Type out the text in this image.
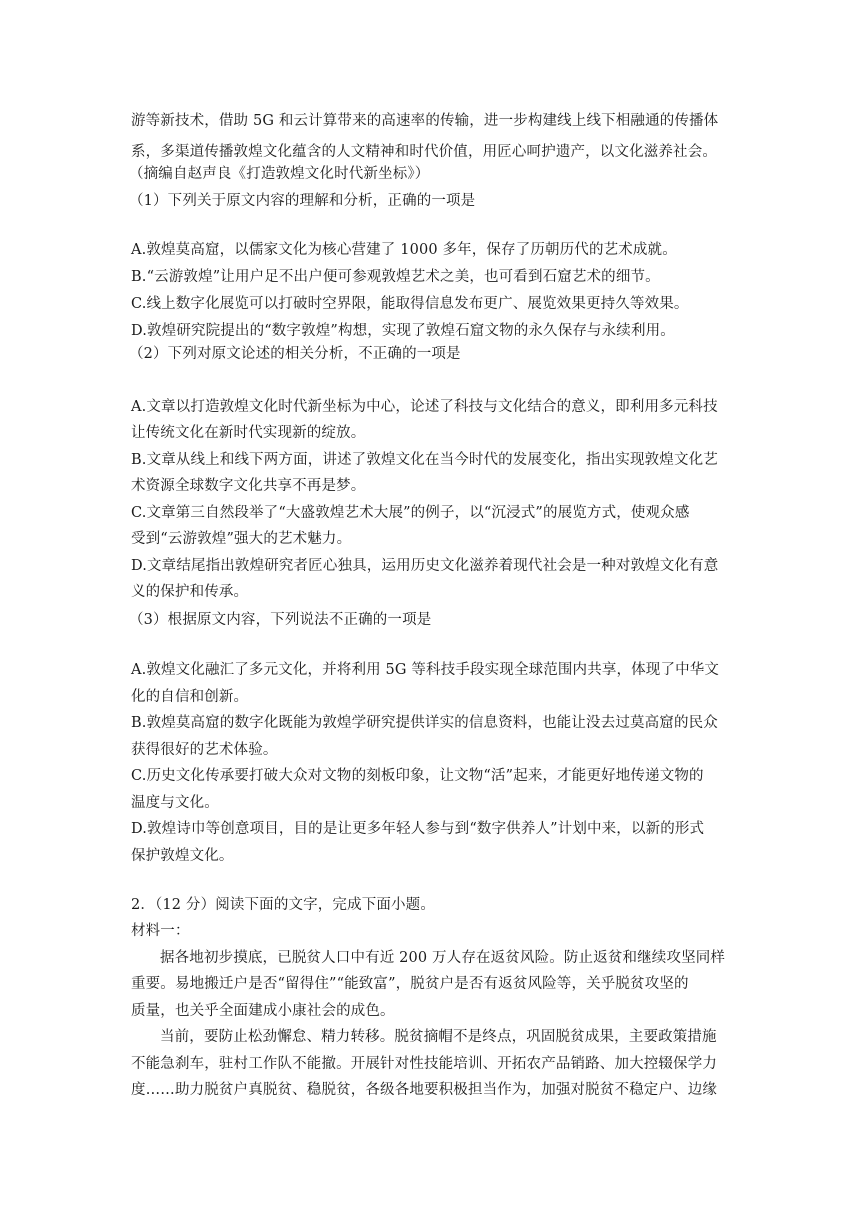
游等新技术，借助 5G 和云计算带来的高速率的传输，进一步构建线上线下相融通的传播体
系，多渠道传播敦煌文化蕴含的人文精神和时代价值，用匠心呵护遗产，以文化滋养社会。
（摘编自赵声良《打造敦煌文化时代新坐标》）
（1）下列关于原文内容的理解和分析，正确的一项是
A.敦煌莫高窟，以儒家文化为核心营建了 1000 多年，保存了历朝历代的艺术成就。
B.“云游敦煌”让用户足不出户便可参观敦煌艺术之美，也可看到石窟艺术的细节。
C.线上数字化展览可以打破时空界限，能取得信息发布更广、展览效果更持久等效果。
D.敦煌研究院提出的“数字敦煌”构想，实现了敦煌石窟文物的永久保存与永续利用。
（2）下列对原文论述的相关分析，不正确的一项是
A.文章以打造敦煌文化时代新坐标为中心，论述了科技与文化结合的意义，即利用多元科技
让传统文化在新时代实现新的绽放。
B.文章从线上和线下两方面，讲述了敦煌文化在当今时代的发展变化，指出实现敦煌文化艺
术资源全球数字文化共享不再是梦。
C.文章第三自然段举了“大盛敦煌艺术大展”的例子，以“沉浸式”的展览方式，使观众感
受到“云游敦煌”强大的艺术魅力。
D.文章结尾指出敦煌研究者匠心独具，运用历史文化滋养着现代社会是一种对敦煌文化有意
义的保护和传承。
（3）根据原文内容，下列说法不正确的一项是
A.敦煌文化融汇了多元文化，并将利用 5G 等科技手段实现全球范围内共享，体现了中华文
化的自信和创新。
B.敦煌莫高窟的数字化既能为敦煌学研究提供详实的信息资料，也能让没去过莫高窟的民众
获得很好的艺术体验。
C.历史文化传承要打破大众对文物的刻板印象，让文物“活”起来，才能更好地传递文物的
温度与文化。
D.敦煌诗巾等创意项目，目的是让更多年轻人参与到“数字供养人”计划中来，以新的形式
保护敦煌文化。
2．（12 分）阅读下面的文字，完成下面小题。
材料一：
据各地初步摸底，已脱贫人口中有近 200 万人存在返贫风险。防止返贫和继续攻坚同样
重要。易地搬迁户是否“留得住”“能致富”，脱贫户是否有返贫风险等，关乎脱贫攻坚的
质量，也关乎全面建成小康社会的成色。
当前，要防止松劲懈怠、精力转移。脱贫摘帽不是终点，巩固脱贫成果，主要政策措施
不能急刹车，驻村工作队不能撤。开展针对性技能培训、开拓农产品销路、加大控辍保学力
度……助力脱贫户真脱贫、稳脱贫，各级各地要积极担当作为，加强对脱贫不稳定户、边缘
